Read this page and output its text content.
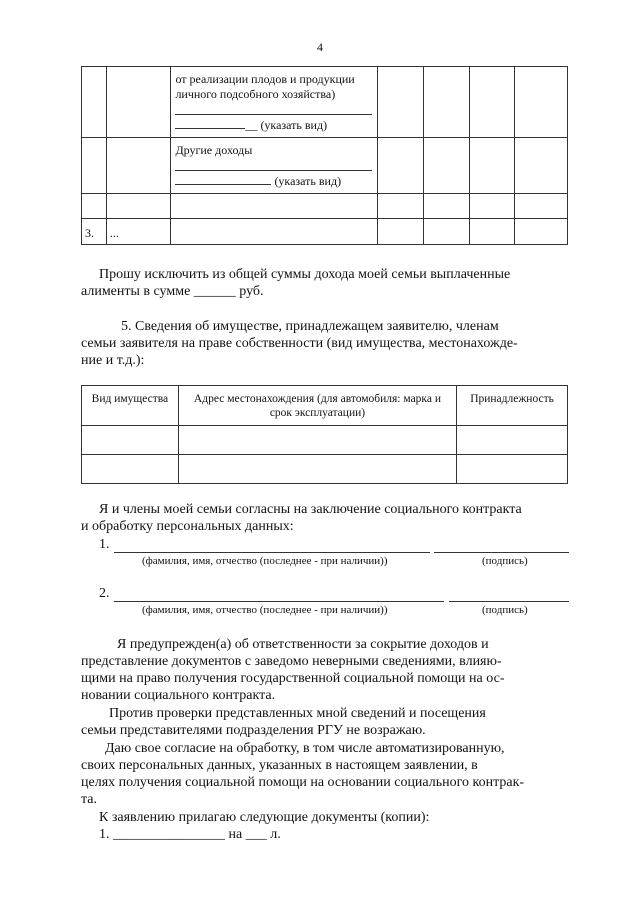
4

		от реализации плодов и продукции личного подсобного хозяйства)
__ (указать вид)				

		Другие доходы
(указать вид)				

3.	...					

Прошу исключить из общей суммы дохода моей семьи выплаченные
алименты в сумме ______ руб.
5. Сведения об имуществе, принадлежащем заявителю, членам
семьи заявителя на праве собственности (вид имущества, местонахожде-
ние и т.д.):
Вид имущества	Адрес местонахождения (для автомобиля: марка и срок эксплуатации)	Принадлежность

Я и члены моей семьи согласны на заключение социального контракта
и обработку персональных данных:
1.
(фамилия, имя, отчество (последнее - при наличии))	(подпись)
2.
(фамилия, имя, отчество (последнее - при наличии))	(подпись)
Я предупрежден(а) об ответственности за сокрытие доходов и
представление документов с заведомо неверными сведениями, влияю-
щими на право получения государственной социальной помощи на ос-
новании социального контракта.
Против проверки представленных мной сведений и посещения
семьи представителями подразделения РГУ не возражаю.
Даю свое согласие на обработку, в том числе автоматизированную,
своих персональных данных, указанных в настоящем заявлении, в
целях получения социальной помощи на основании социального контрак-
та.
К заявлению прилагаю следующие документы (копии):
1. ________________ на ___ л.
